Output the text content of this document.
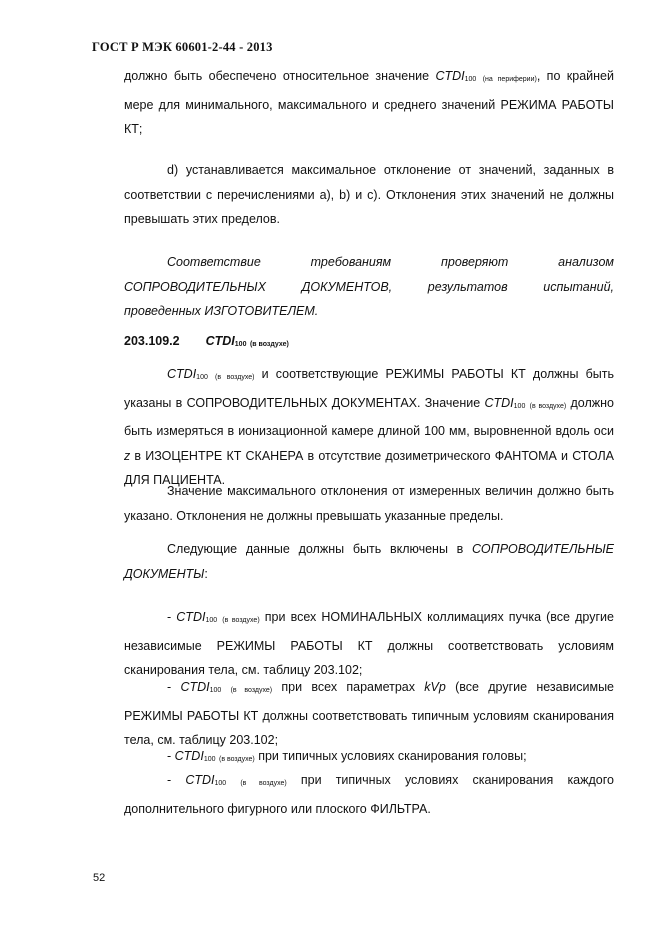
ГОСТ Р МЭК 60601-2-44 - 2013
должно быть обеспечено относительное значение CTDI100 (на периферии), по крайней мере для минимального, максимального и среднего значений РЕЖИМА РАБОТЫ КТ;
d) устанавливается максимальное отклонение от значений, заданных в соответствии с перечислениями а), b) и с). Отклонения этих значений не должны превышать этих пределов.
Соответствие требованиям проверяют анализом
СОПРОВОДИТЕЛЬНЫХ ДОКУМЕНТОВ, результатов испытаний,
проведенных ИЗГОТОВИТЕЛЕМ.
203.109.2 CTDI100 (в воздухе)
CTDI100 (в воздухе) и соответствующие РЕЖИМЫ РАБОТЫ КТ должны быть указаны в СОПРОВОДИТЕЛЬНЫХ ДОКУМЕНТАХ. Значение CTDI100 (в воздухе) должно быть измеряться в ионизационной камере длиной 100 мм, выровненной вдоль оси z в ИЗОЦЕНТРЕ КТ СКАНЕРА в отсутствие дозиметрического ФАНТОМА и СТОЛА ДЛЯ ПАЦИЕНТА.
Значение максимального отклонения от измеренных величин должно быть указано. Отклонения не должны превышать указанные пределы.
Следующие данные должны быть включены в СОПРОВОДИТЕЛЬНЫЕ ДОКУМЕНТЫ:
- CTDI100 (в воздухе) при всех НОМИНАЛЬНЫХ коллимациях пучка (все другие независимые РЕЖИМЫ РАБОТЫ КТ должны соответствовать условиям сканирования тела, см. таблицу 203.102;
- CTDI100 (в воздухе) при всех параметрах kVp (все другие независимые РЕЖИМЫ РАБОТЫ КТ должны соответствовать типичным условиям сканирования тела, см. таблицу 203.102;
- CTDI100 (в воздухе) при типичных условиях сканирования головы;
- CTDI100 (в воздухе) при типичных условиях сканирования каждого дополнительного фигурного или плоского ФИЛЬТРА.
52
